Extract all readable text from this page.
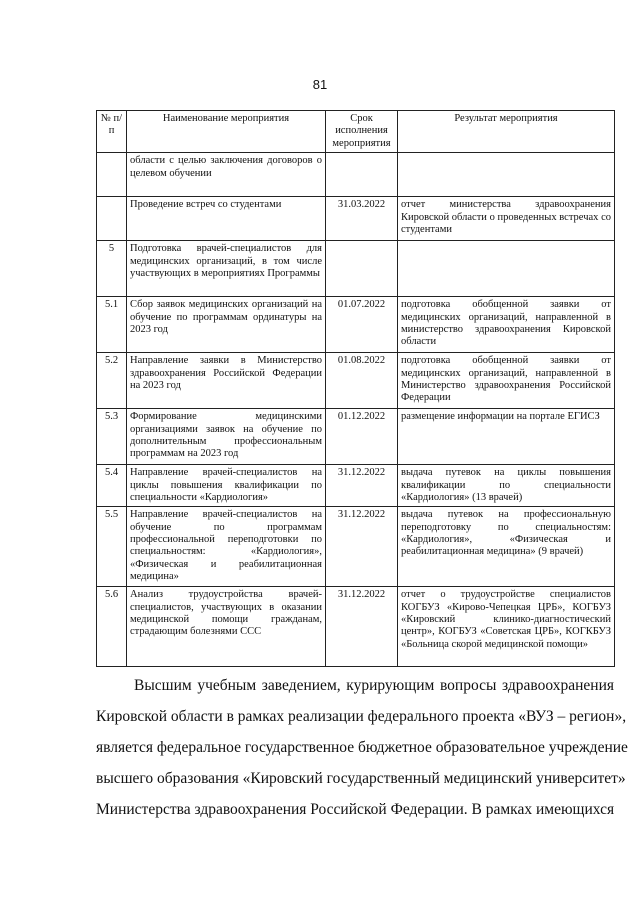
81
№ п/п	Наименование мероприятия	Срок исполнения мероприятия	Результат мероприятия
	области с целью заключения договоров о целевом обучении		
	Проведение встреч со студентами	31.03.2022	отчет министерства здравоохранения Кировской области о проведенных встречах со студентами
5	Подготовка врачей-специалистов для медицинских организаций, в том числе участвующих в мероприятиях Программы		
5.1	Сбор заявок медицинских организаций на обучение по программам ординатуры на 2023 год	01.07.2022	подготовка обобщенной заявки от медицинских организаций, направленной в министерство здравоохранения Кировской области
5.2	Направление заявки в Министерство здравоохранения Российской Федерации на 2023 год	01.08.2022	подготовка обобщенной заявки от медицинских организаций, направленной в Министерство здравоохранения Российской Федерации
5.3	Формирование медицинскими организациями заявок на обучение по дополнительным профессиональным программам на 2023 год	01.12.2022	размещение информации на портале ЕГИСЗ
5.4	Направление врачей-специалистов на циклы повышения квалификации по специальности «Кардиология»	31.12.2022	выдача путевок на циклы повышения квалификации по специальности «Кардиология» (13 врачей)
5.5	Направление врачей-специалистов на обучение по программам профессиональной переподготовки по специальностям: «Кардиология», «Физическая и реабилитационная медицина»	31.12.2022	выдача путевок на профессиональную переподготовку по специальностям: «Кардиология», «Физическая и реабилитационная медицина» (9 врачей)
5.6	Анализ трудоустройства врачей-специалистов, участвующих в оказании медицинской помощи гражданам, страдающим болезнями ССС	31.12.2022	отчет о трудоустройстве специалистов КОГБУЗ «Кирово-Чепецкая ЦРБ», КОГБУЗ «Кировский клинико-диагностический центр», КОГБУЗ «Советская ЦРБ», КОГКБУЗ «Больница скорой медицинской помощи»
Высшим учебным заведением, курирующим вопросы здравоохранения
Кировской области в рамках реализации федерального проекта «ВУЗ – регион»,
является федеральное государственное бюджетное образовательное учреждение
высшего образования «Кировский государственный медицинский университет»
Министерства здравоохранения Российской Федерации. В рамках имеющихся
